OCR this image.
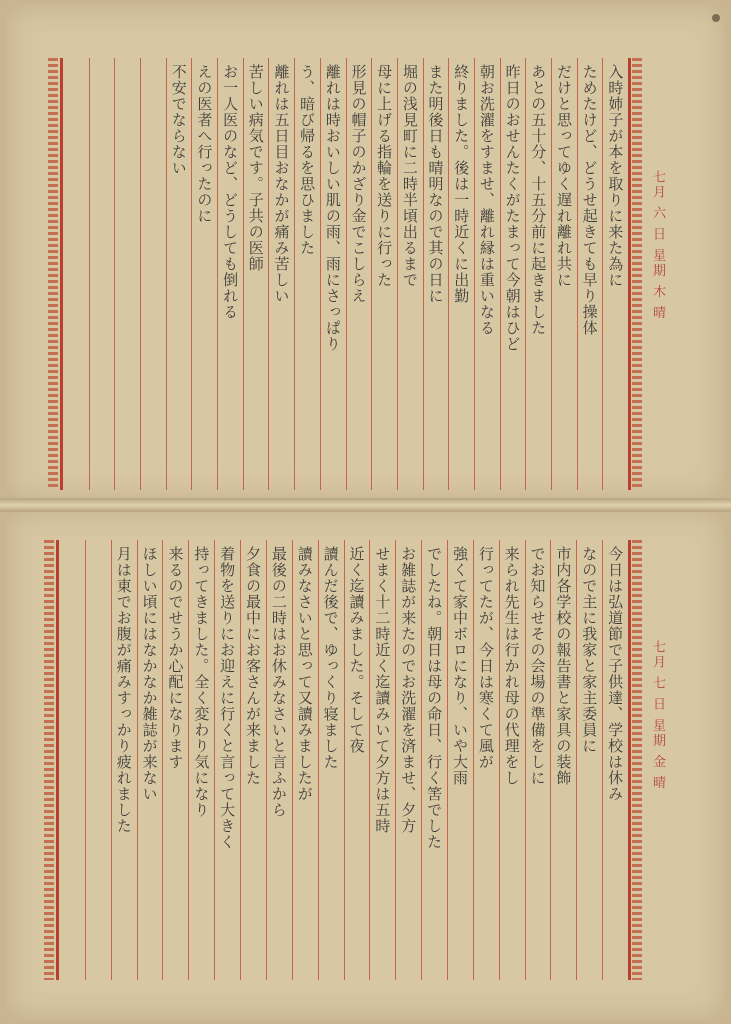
七月 六 日 星期 木 晴
七月 七 日 星期 金 晴
入時姉子が本を取りに来た為に
ためたけど、どうせ起きても早り操体
だけと思ってゆく遅れ離れ共に
あとの五十分、十五分前に起きました
昨日のおせんたくがたまって今朝はひど
朝お洗濯をすませ、離れ縁は重いなる
終りました。後は一時近くに出勤
また明後日も晴明なので其の日に
堀の浅見町に二時半頃出るまで
母に上げる指輪を送りに行った
形見の帽子のかざり金でこしらえ
離れは時おいしい肌の雨、雨にさっぱり
う、暗び帰るを思ひました
離れは五日目おなかが痛み苦しい
苦しい病気です。子共の医師
お一人医のなど、どうしても倒れる
えの医者へ行ったのに
不安でならない
今日は弘道節で子供達、学校は休み
なので主に我家と家主委員に
市内各学校の報告書と家具の装飾
でお知らせその会場の準備をしに
来られ先生は行かれ母の代理をし
行ってたが、今日は寒くて風が
強くて家中ボロになり、いや大雨
でしたね。朝日は母の命日、行く筈でした
お雑誌が来たのでお洗濯を済ませ、夕方
せまく十二時近く迄讀みいて夕方は五時
近く迄讀みました。そして夜
讀んだ後で、ゆっくり寝ました
讀みなさいと思って又讀みましたが
最後の二時はお休みなさいと言ふから
夕食の最中にお客さんが来ました
着物を送りにお迎えに行くと言って大きく
持ってきました。全く変わり気になり
来るのでせうか心配になります
ほしい頃にはなかなか雑誌が来ない
月は東でお腹が痛みすっかり疲れました
